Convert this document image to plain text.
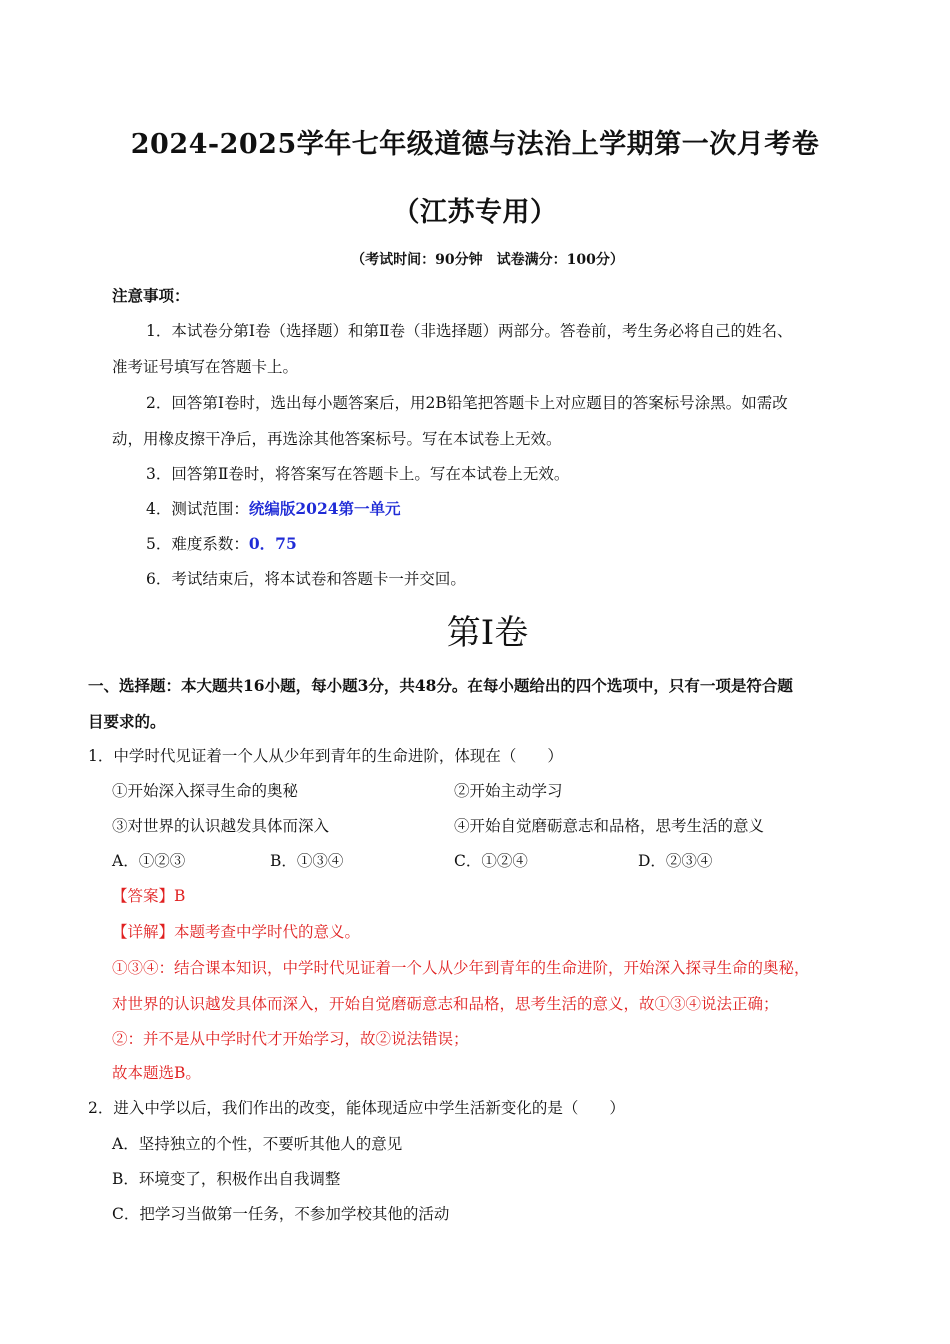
2024-2025学年七年级道德与法治上学期第一次月考卷
（江苏专用）
（考试时间：90分钟　试卷满分：100分）
注意事项：
1．本试卷分第Ⅰ卷（选择题）和第Ⅱ卷（非选择题）两部分。答卷前，考生务必将自己的姓名、
准考证号填写在答题卡上。
2．回答第Ⅰ卷时，选出每小题答案后，用2B铅笔把答题卡上对应题目的答案标号涂黑。如需改
动，用橡皮擦干净后，再选涂其他答案标号。写在本试卷上无效。
3．回答第Ⅱ卷时，将答案写在答题卡上。写在本试卷上无效。
4．测试范围：统编版2024第一单元
5．难度系数：0．75
6．考试结束后，将本试卷和答题卡一并交回。
第Ⅰ卷
一、选择题：本大题共16小题，每小题3分，共48分。在每小题给出的四个选项中，只有一项是符合题
目要求的。
1．中学时代见证着一个人从少年到青年的生命进阶，体现在（　　）
①开始深入探寻生命的奥秘	②开始主动学习
③对世界的认识越发具体而深入	④开始自觉磨砺意志和品格，思考生活的意义
A．①②③	B．①③④	C．①②④	D．②③④
【答案】B
【详解】本题考查中学时代的意义。
①③④：结合课本知识，中学时代见证着一个人从少年到青年的生命进阶，开始深入探寻生命的奥秘，
对世界的认识越发具体而深入，开始自觉磨砺意志和品格，思考生活的意义，故①③④说法正确；
②：并不是从中学时代才开始学习，故②说法错误；
故本题选B。
2．进入中学以后，我们作出的改变，能体现适应中学生活新变化的是（　　）
A．坚持独立的个性，不要听其他人的意见
B．环境变了，积极作出自我调整
C．把学习当做第一任务，不参加学校其他的活动
